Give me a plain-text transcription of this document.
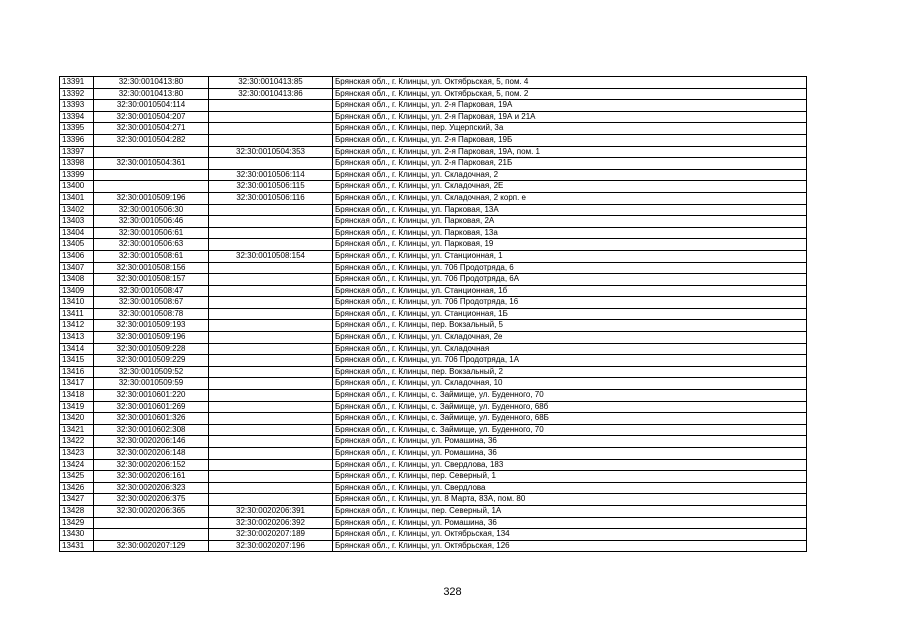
13391	32:30:0010413:80	32:30:0010413:85	Брянская обл., г. Клинцы, ул. Октябрьская, 5, пом. 4
13392	32:30:0010413:80	32:30:0010413:86	Брянская обл., г. Клинцы, ул. Октябрьская, 5, пом. 2
13393	32:30:0010504:114		Брянская обл., г. Клинцы, ул. 2-я Парковая, 19А
13394	32:30:0010504:207		Брянская обл., г. Клинцы, ул. 2-я Парковая, 19А и 21А
13395	32:30:0010504:271		Брянская обл., г. Клинцы, пер. Ущерпский, 3а
13396	32:30:0010504:282		Брянская обл., г. Клинцы, ул. 2-я Парковая, 19Б
13397		32:30:0010504:353	Брянская обл., г. Клинцы, ул. 2-я Парковая, 19А, пом. 1
13398	32:30:0010504:361		Брянская обл., г. Клинцы, ул. 2-я Парковая, 21Б
13399		32:30:0010506:114	Брянская обл., г. Клинцы, ул. Складочная, 2
13400		32:30:0010506:115	Брянская обл., г. Клинцы, ул. Складочная, 2Е
13401	32:30:0010509:196	32:30:0010506:116	Брянская обл., г. Клинцы, ул. Складочная, 2 корп. е
13402	32:30:0010506:30		Брянская обл., г. Клинцы, ул. Парковая, 13А
13403	32:30:0010506:46		Брянская обл., г. Клинцы, ул. Парковая, 2А
13404	32:30:0010506:61		Брянская обл., г. Клинцы, ул. Парковая, 13а
13405	32:30:0010506:63		Брянская обл., г. Клинцы, ул. Парковая, 19
13406	32:30:0010508:61	32:30:0010508:154	Брянская обл., г. Клинцы, ул. Станционная, 1
13407	32:30:0010508:156		Брянская обл., г. Клинцы, ул. 706 Продотряда, 6
13408	32:30:0010508:157		Брянская обл., г. Клинцы, ул. 706 Продотряда, 6А
13409	32:30:0010508:47		Брянская обл., г. Клинцы, ул. Станционная, 1б
13410	32:30:0010508:67		Брянская обл., г. Клинцы, ул. 706 Продотряда, 16
13411	32:30:0010508:78		Брянская обл., г. Клинцы, ул. Станционная, 1Б
13412	32:30:0010509:193		Брянская обл., г. Клинцы, пер. Вокзальный, 5
13413	32:30:0010509:196		Брянская обл., г. Клинцы, ул. Складочная, 2е
13414	32:30:0010509:228		Брянская обл., г. Клинцы, ул. Складочная
13415	32:30:0010509:229		Брянская обл., г. Клинцы, ул. 706 Продотряда, 1А
13416	32:30:0010509:52		Брянская обл., г. Клинцы, пер. Вокзальный, 2
13417	32:30:0010509:59		Брянская обл., г. Клинцы, ул. Складочная, 10
13418	32:30:0010601:220		Брянская обл., г. Клинцы, с. Займище, ул. Буденного, 70
13419	32:30:0010601:269		Брянская обл., г. Клинцы, с. Займище, ул. Буденного, 68б
13420	32:30:0010601:326		Брянская обл., г. Клинцы, с. Займище, ул. Буденного, 68Б
13421	32:30:0010602:308		Брянская обл., г. Клинцы, с. Займище, ул. Буденного, 70
13422	32:30:0020206:146		Брянская обл., г. Клинцы, ул. Ромашина, 36
13423	32:30:0020206:148		Брянская обл., г. Клинцы, ул. Ромашина, 36
13424	32:30:0020206:152		Брянская обл., г. Клинцы, ул. Свердлова, 183
13425	32:30:0020206:161		Брянская обл., г. Клинцы, пер. Северный, 1
13426	32:30:0020206:323		Брянская обл., г. Клинцы, ул. Свердлова
13427	32:30:0020206:375		Брянская обл., г. Клинцы, ул. 8 Марта, 83А, пом. 80
13428	32:30:0020206:365	32:30:0020206:391	Брянская обл., г. Клинцы, пер. Северный, 1А
13429		32:30:0020206:392	Брянская обл., г. Клинцы, ул. Ромашина, 36
13430		32:30:0020207:189	Брянская обл., г. Клинцы, ул. Октябрьская, 134
13431	32:30:0020207:129	32:30:0020207:196	Брянская обл., г. Клинцы, ул. Октябрьская, 126
328
